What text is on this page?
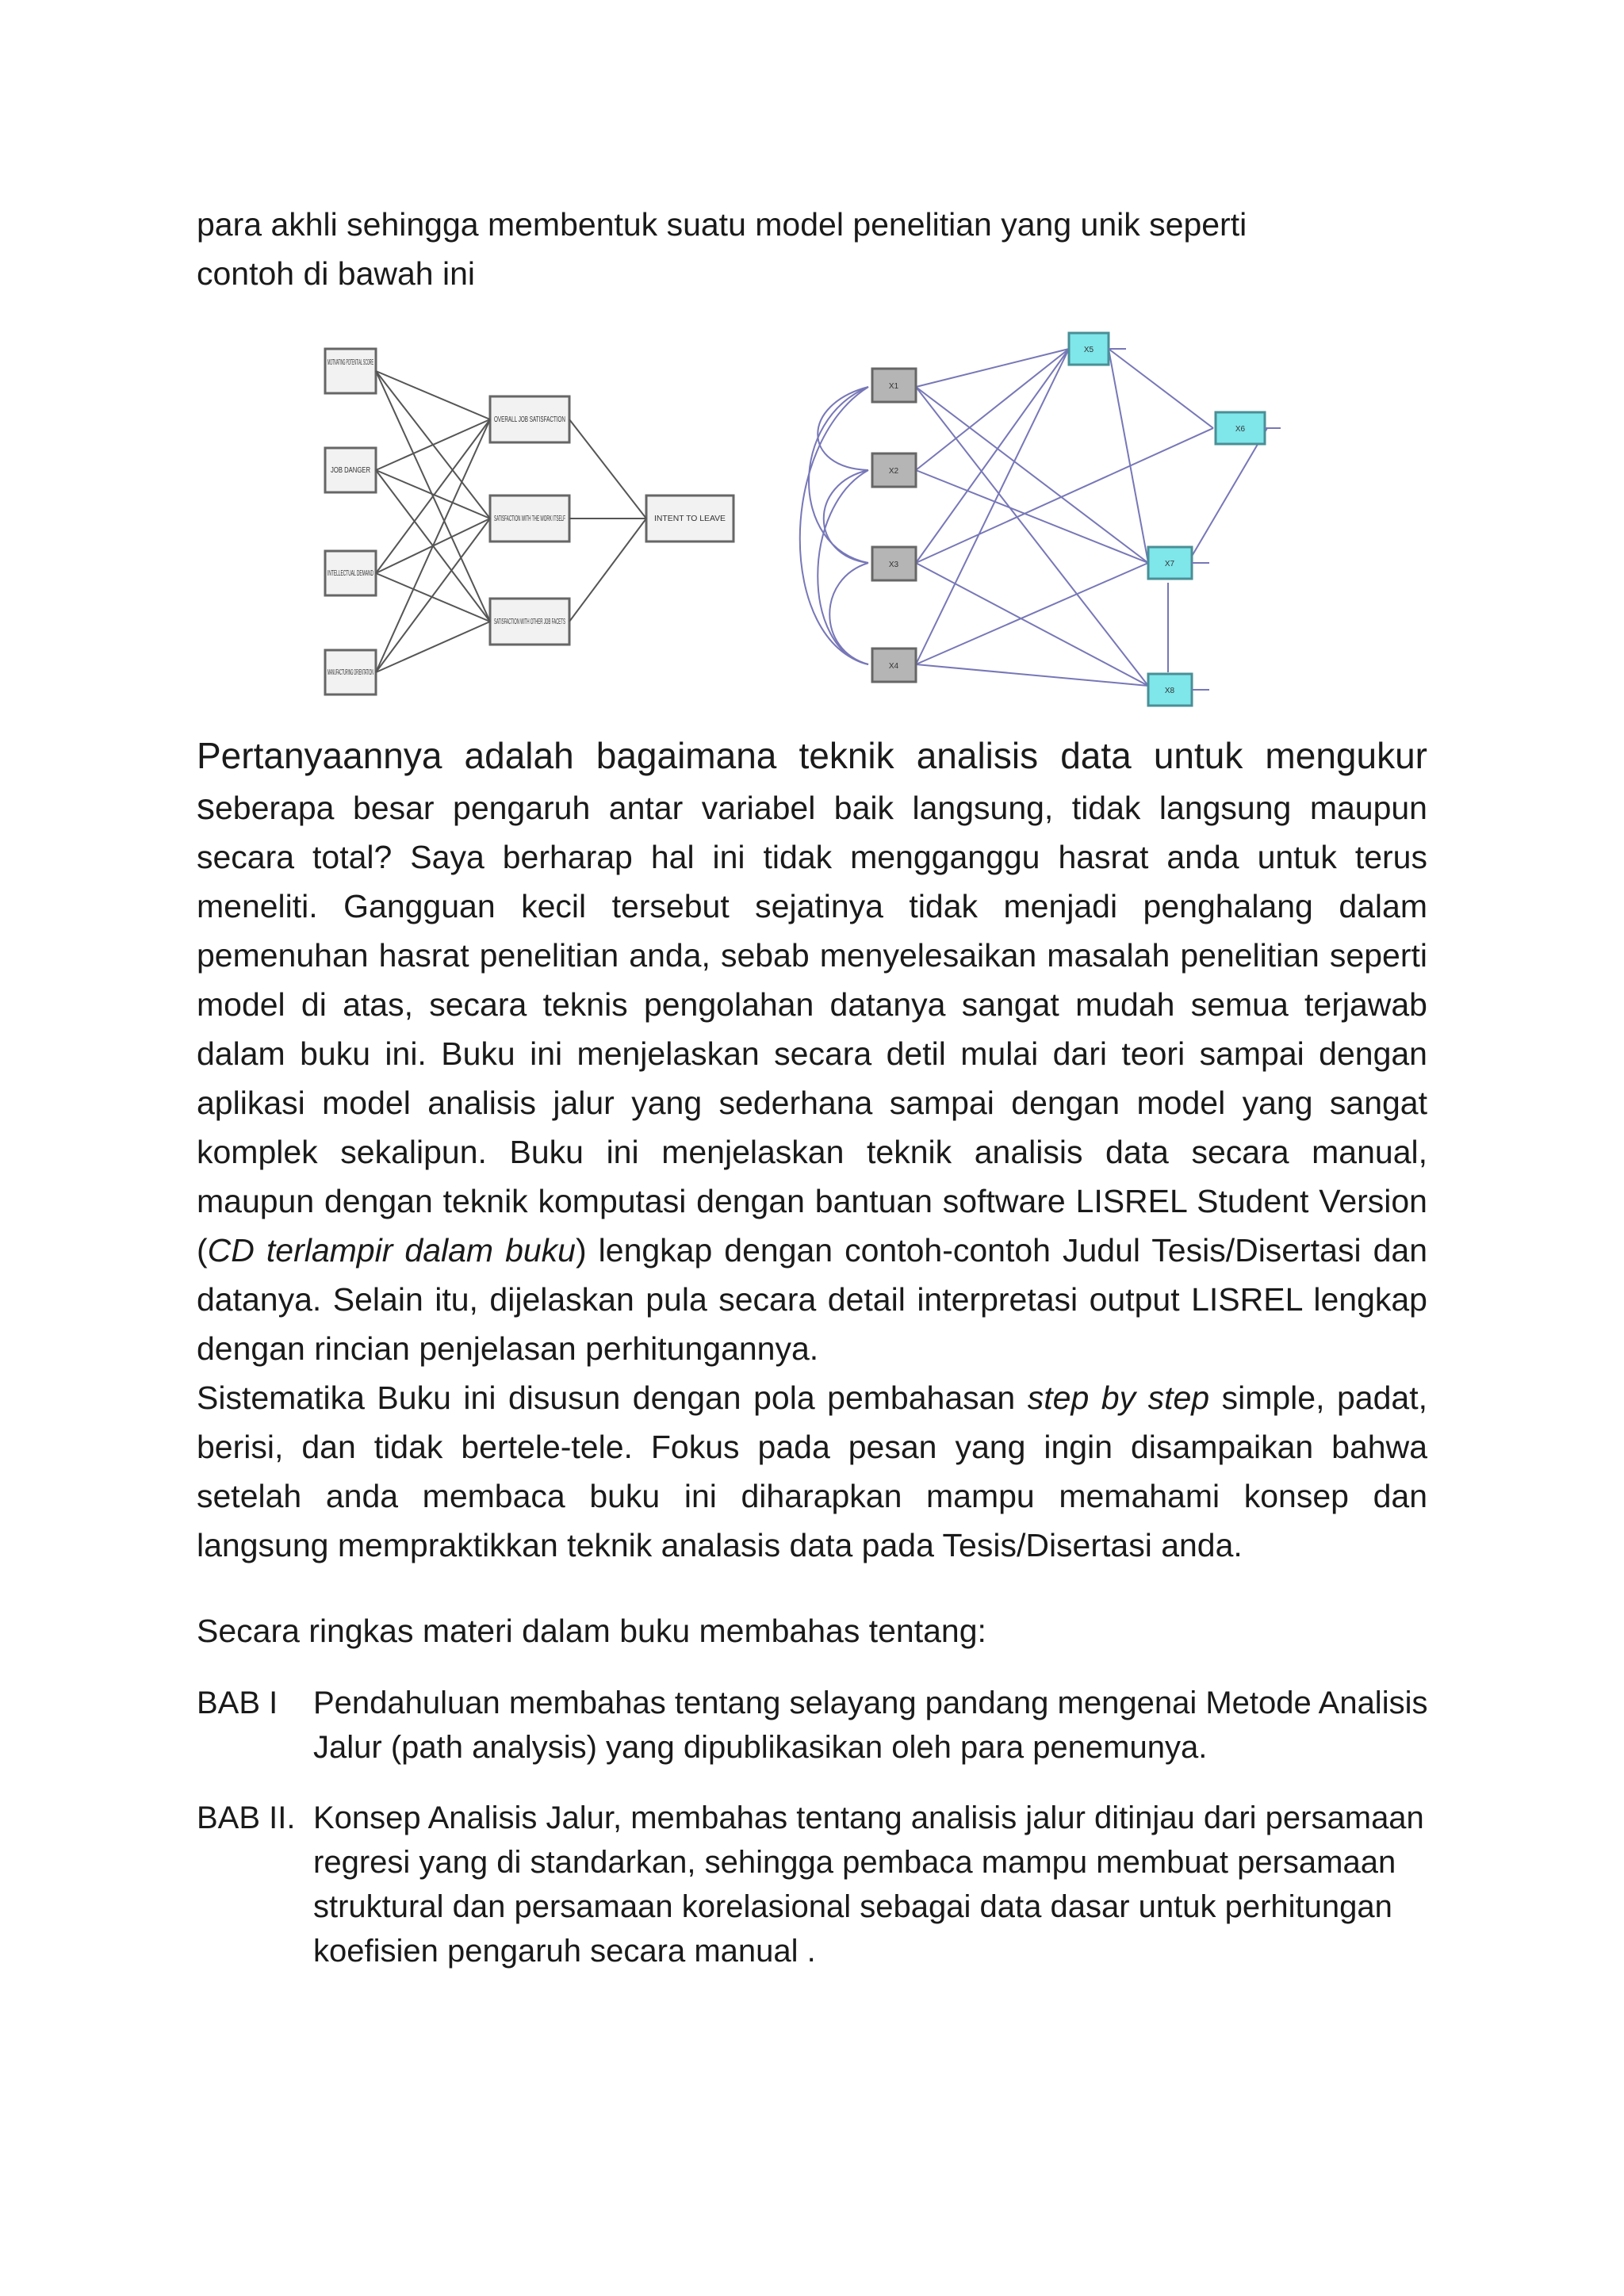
para akhli sehingga membentuk suatu model penelitian yang unik seperti
contoh di bawah ini

MOTIVATING POTENTIAL SCORE
JOB DANGER
INTELLECTUAL DEMAND
MANUFACTURING ORIENTATION
OVERALL JOB SATISFACTION
SATISFACTION WITH THE WORK ITSELF
SATISFACTION WITH OTHER JOB FACETS
INTENT TO LEAVE
X1
X2
X3
X4
X5
X6
X7
X8
Pertanyaannya adalah bagaimana teknik analisis data untuk mengukur seberapa besar pengaruh antar variabel baik langsung, tidak langsung maupun secara total? Saya berharap hal ini tidak mengganggu hasrat anda untuk terus meneliti. Gangguan kecil tersebut sejatinya tidak menjadi penghalang dalam pemenuhan hasrat penelitian anda, sebab menyelesaikan masalah penelitian seperti model di atas, secara teknis pengolahan datanya sangat mudah semua terjawab dalam buku ini. Buku ini menjelaskan secara detil mulai dari teori sampai dengan aplikasi model analisis jalur yang sederhana sampai dengan model yang sangat komplek sekalipun. Buku ini menjelaskan teknik analisis data secara manual, maupun dengan teknik komputasi dengan bantuan software LISREL Student Version (CD terlampir dalam buku) lengkap dengan contoh-contoh Judul Tesis/Disertasi dan datanya. Selain itu, dijelaskan pula secara detail interpretasi output LISREL lengkap dengan rincian penjelasan perhitungannya.
Sistematika Buku ini disusun dengan pola pembahasan step by step simple, padat, berisi, dan tidak bertele-tele. Fokus pada pesan yang ingin disampaikan bahwa setelah anda membaca buku ini diharapkan mampu memahami konsep dan langsung mempraktikkan teknik analasis data pada Tesis/Disertasi anda.

Secara ringkas materi dalam buku membahas tentang:

BAB I	Pendahuluan membahas tentang selayang pandang mengenai Metode Analisis Jalur (path analysis) yang dipublikasikan oleh para penemunya.
BAB II. Konsep Analisis Jalur, membahas tentang analisis jalur ditinjau dari persamaan regresi yang di standarkan, sehingga pembaca mampu membuat persamaan struktural dan persamaan korelasional sebagai data dasar untuk perhitungan koefisien pengaruh secara manual .
